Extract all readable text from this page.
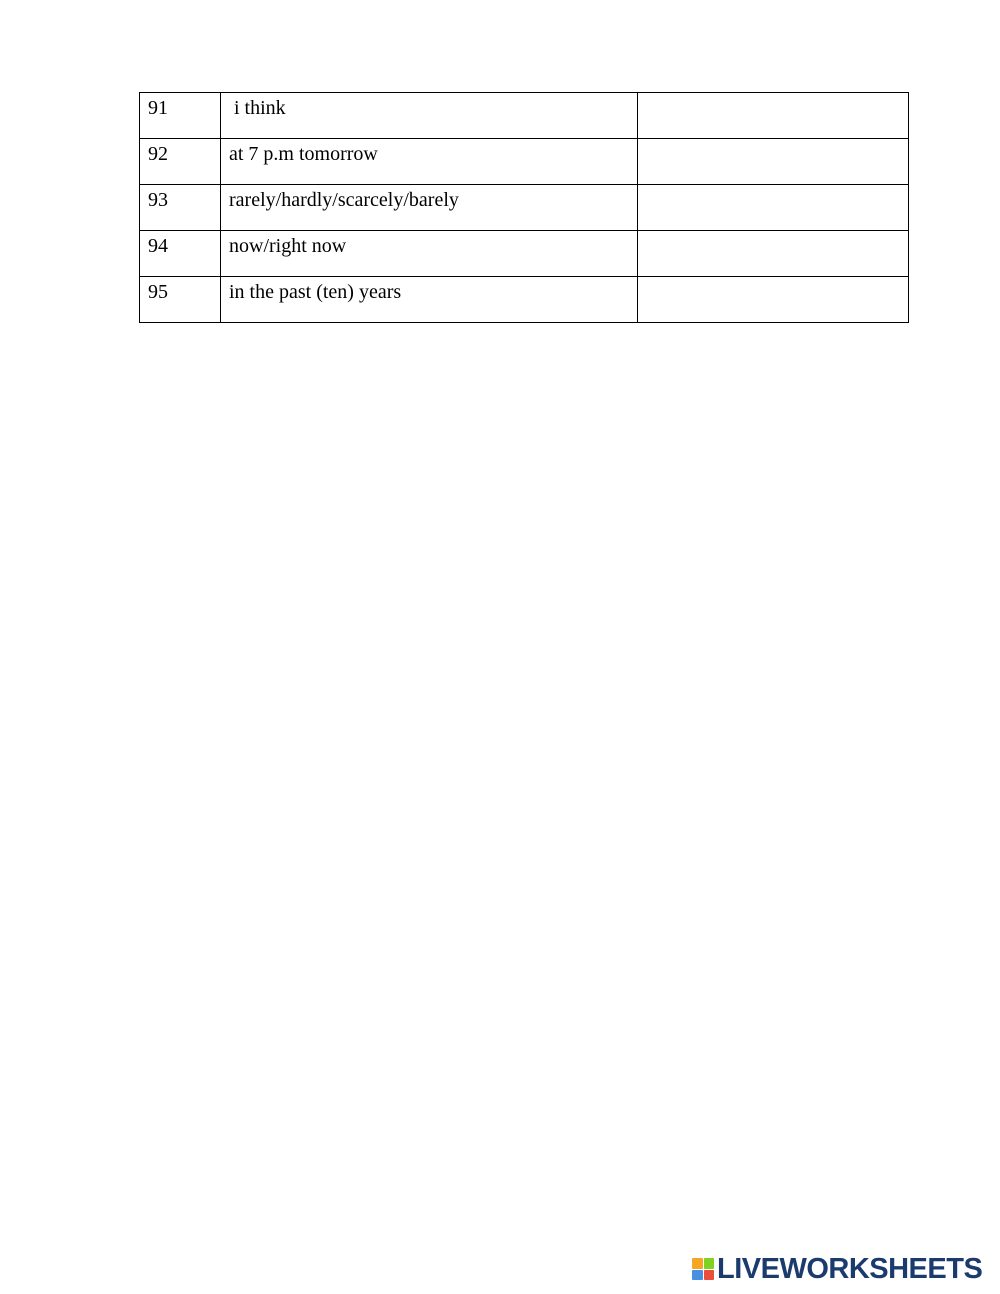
91	i think	
92	at 7 p.m tomorrow	
93	rarely/hardly/scarcely/barely	
94	now/right now	
95	in the past (ten) years	
LIVEWORKSHEETS
